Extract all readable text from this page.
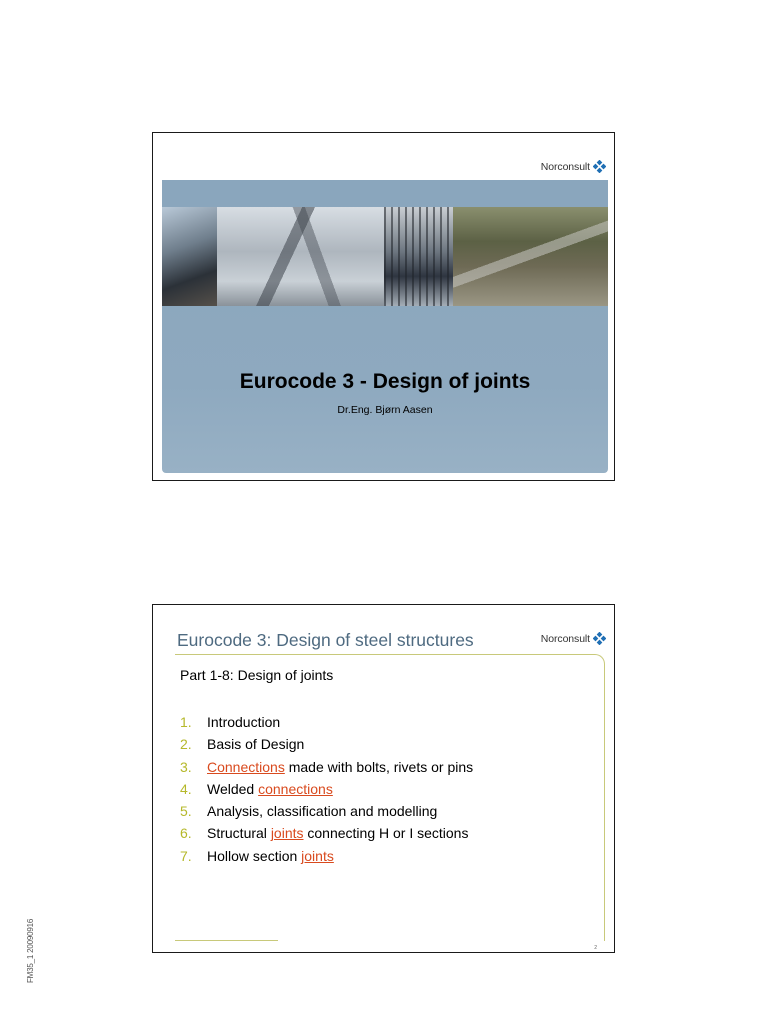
Norconsult
Eurocode 3 - Design of joints
Dr.Eng. Bjørn Aasen
Eurocode 3: Design of steel structures	Norconsult
Part 1-8: Design of joints
1. Introduction
2. Basis of Design
3. Connections made with bolts, rivets or pins
4. Welded connections
5. Analysis, classification and modelling
6. Structural joints connecting H or I sections
7. Hollow section joints
2
FM35_1 20090916
